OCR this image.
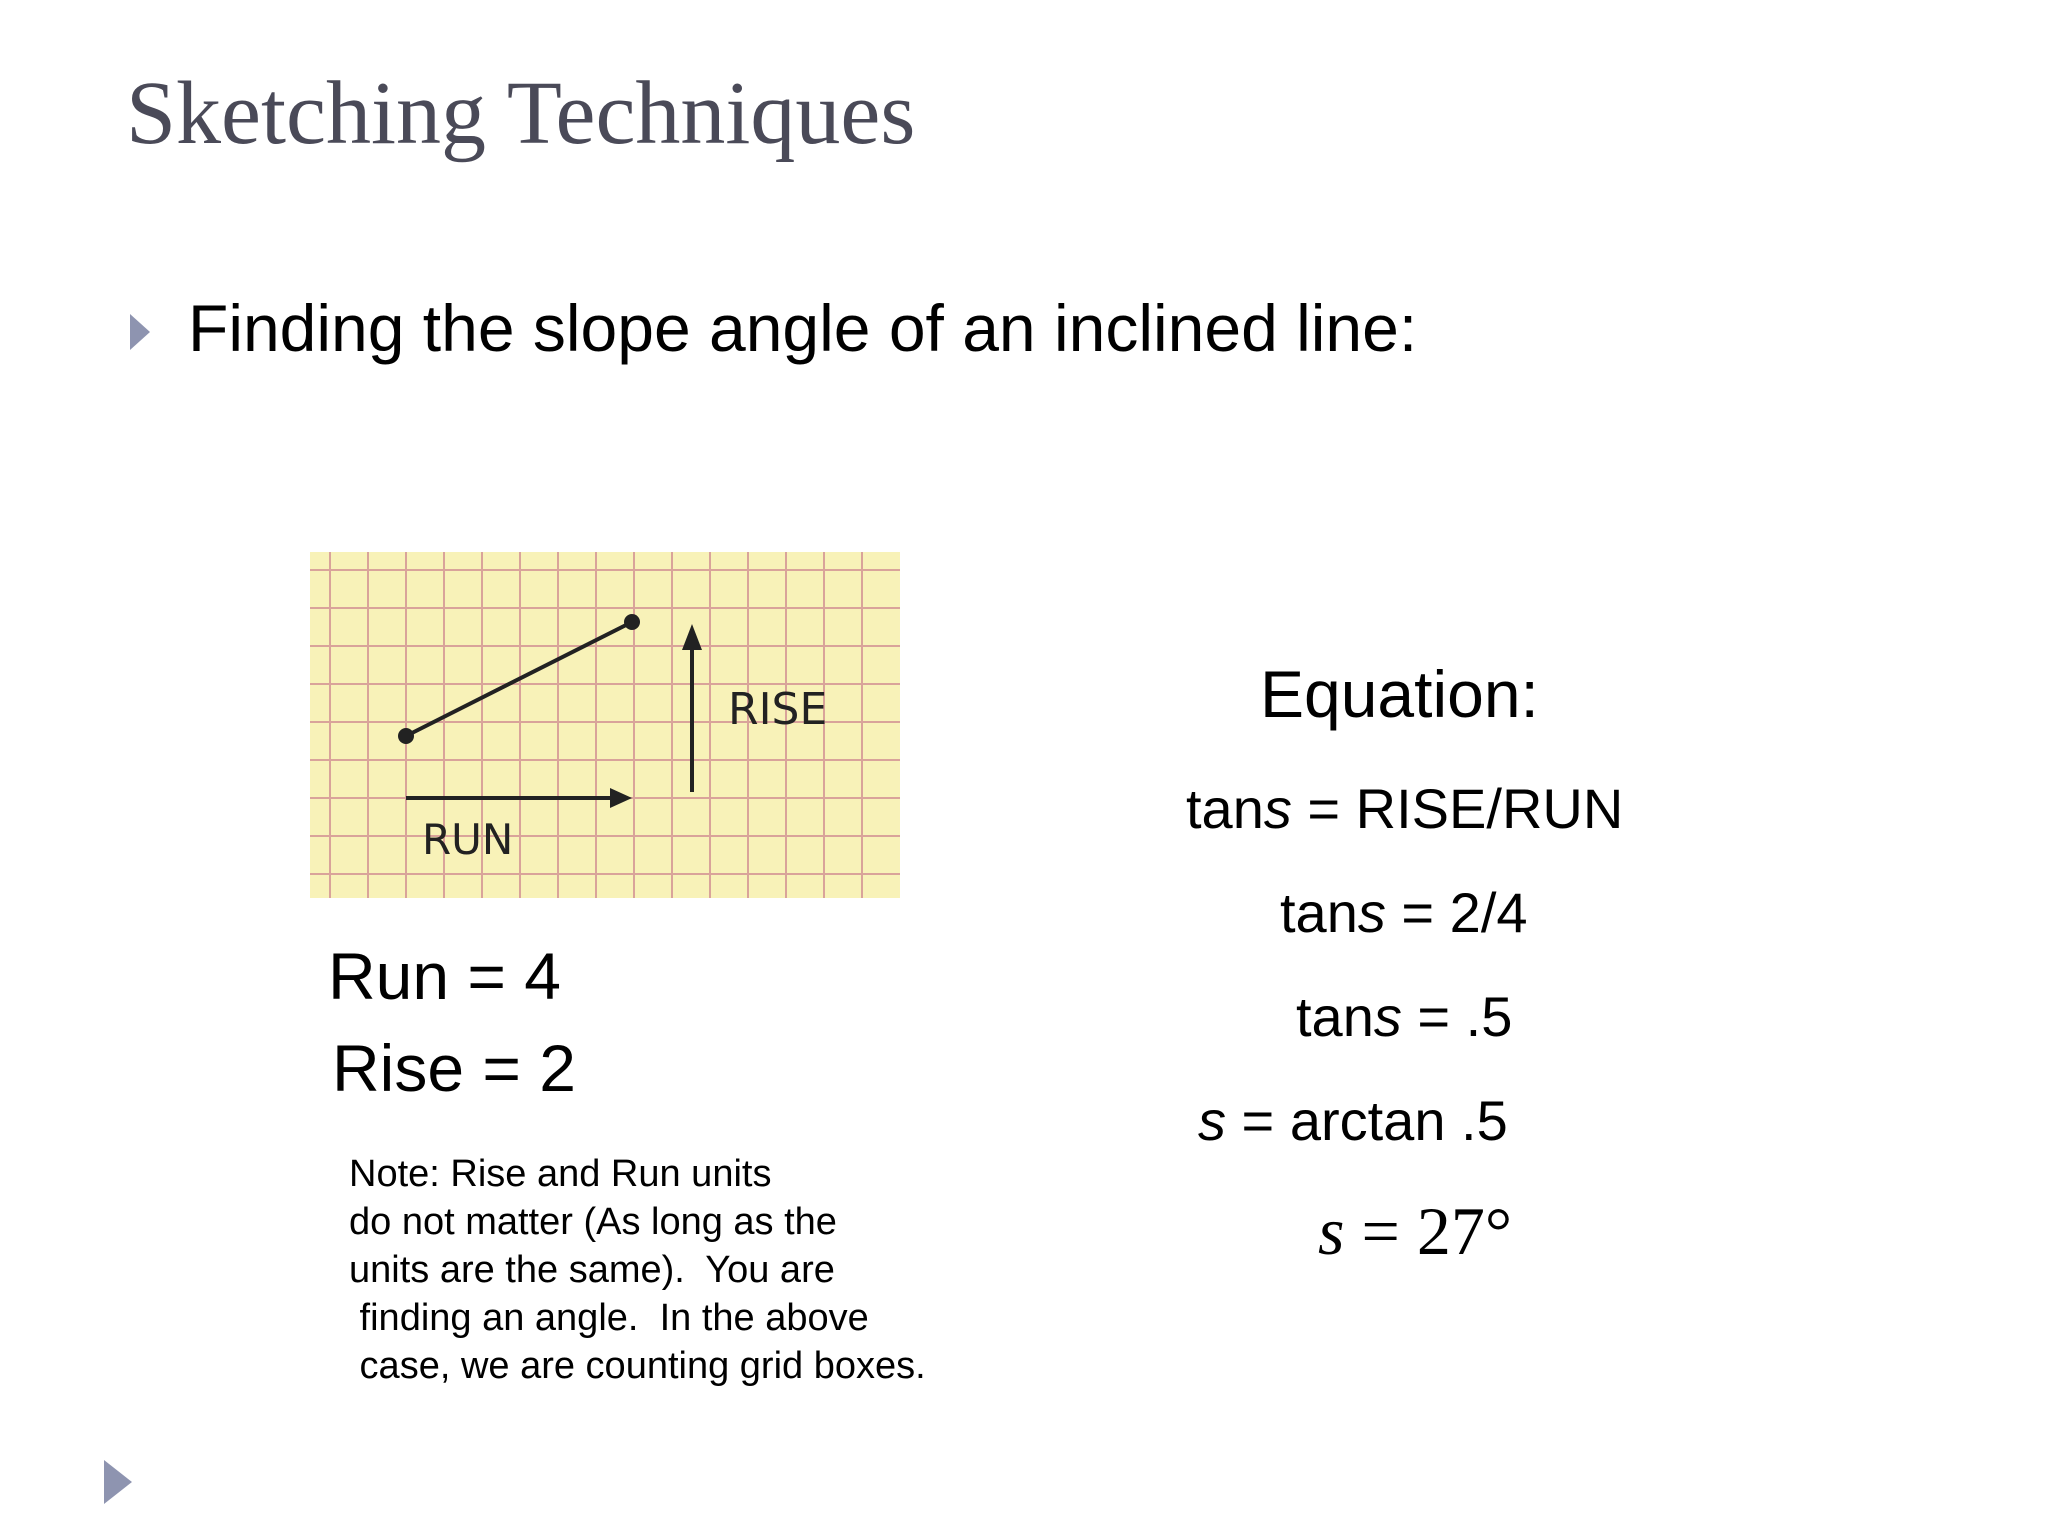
Sketching Techniques
Finding the slope angle of an inclined line:
RISE
RUN
Run = 4
Rise = 2
Note: Rise and Run units
do not matter (As long as the
units are the same).  You are
finding an angle.  In the above
case, we are counting grid boxes.
Equation:
tans = RISE/RUN
tans = 2/4
tans = .5
s = arctan .5
s = 27°
